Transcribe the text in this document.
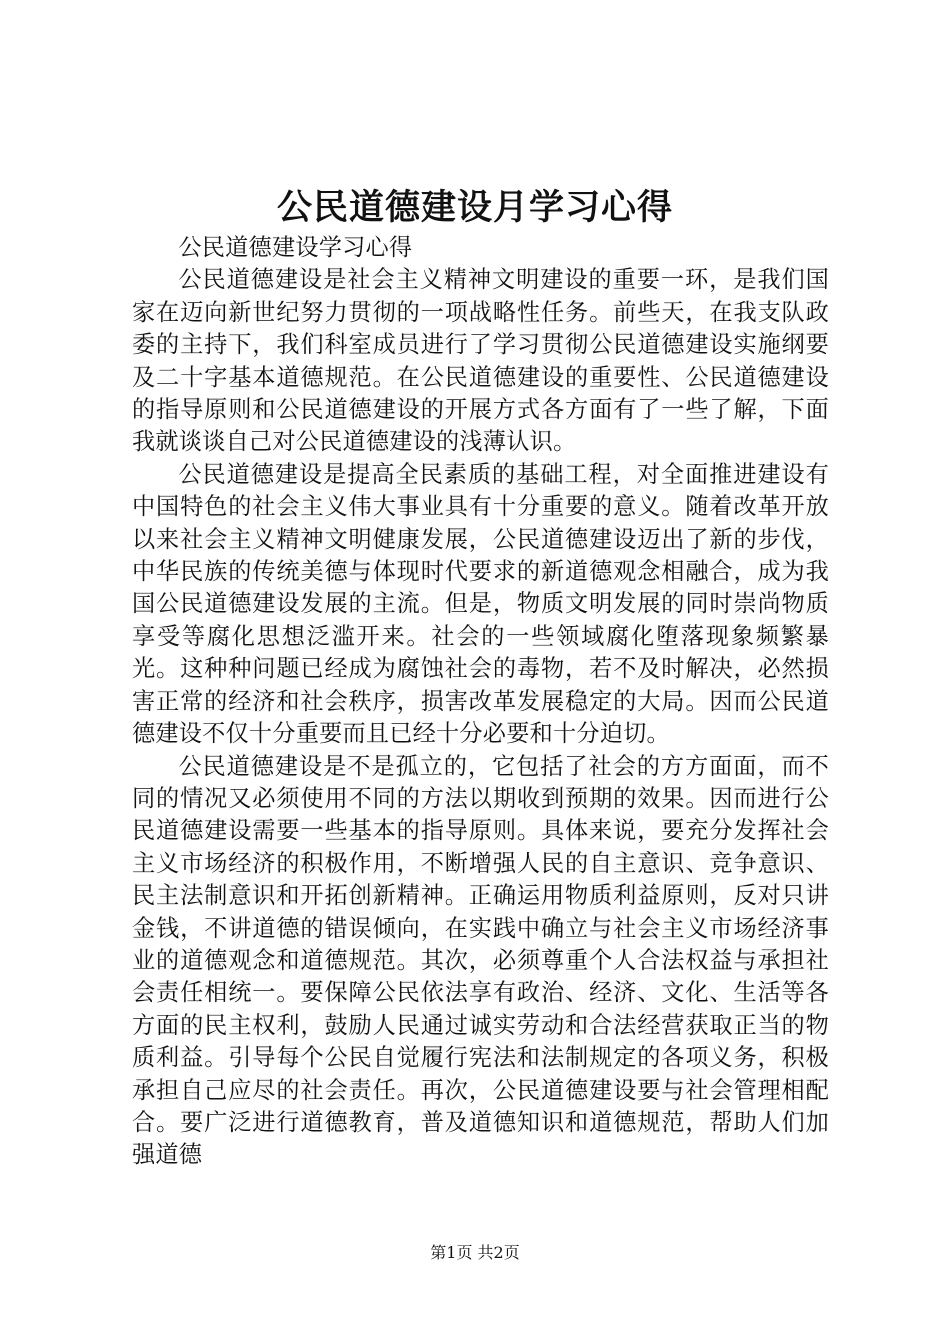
公民道德建设月学习心得

公民道德建设学习心得

公民道德建设是社会主义精神文明建设的重要一环，是我们国家在迈向新世纪努力贯彻的一项战略性任务。前些天，在我支队政委的主持下，我们科室成员进行了学习贯彻公民道德建设实施纲要及二十字基本道德规范。在公民道德建设的重要性、公民道德建设的指导原则和公民道德建设的开展方式各方面有了一些了解，下面我就谈谈自己对公民道德建设的浅薄认识。

公民道德建设是提高全民素质的基础工程，对全面推进建设有中国特色的社会主义伟大事业具有十分重要的意义。随着改革开放以来社会主义精神文明健康发展，公民道德建设迈出了新的步伐，中华民族的传统美德与体现时代要求的新道德观念相融合，成为我国公民道德建设发展的主流。但是，物质文明发展的同时崇尚物质享受等腐化思想泛滥开来。社会的一些领域腐化堕落现象频繁暴光。这种种问题已经成为腐蚀社会的毒物，若不及时解决，必然损害正常的经济和社会秩序，损害改革发展稳定的大局。因而公民道德建设不仅十分重要而且已经十分必要和十分迫切。

公民道德建设是不是孤立的，它包括了社会的方方面面，而不同的情况又必须使用不同的方法以期收到预期的效果。因而进行公民道德建设需要一些基本的指导原则。具体来说，要充分发挥社会主义市场经济的积极作用，不断增强人民的自主意识、竞争意识、民主法制意识和开拓创新精神。正确运用物质利益原则，反对只讲金钱，不讲道德的错误倾向，在实践中确立与社会主义市场经济事业的道德观念和道德规范。其次，必须尊重个人合法权益与承担社会责任相统一。要保障公民依法享有政治、经济、文化、生活等各方面的民主权利，鼓励人民通过诚实劳动和合法经营获取正当的物质利益。引导每个公民自觉履行宪法和法制规定的各项义务，积极承担自己应尽的社会责任。再次，公民道德建设要与社会管理相配合。要广泛进行道德教育，普及道德知识和道德规范，帮助人们加强道德

第1页 共2页
